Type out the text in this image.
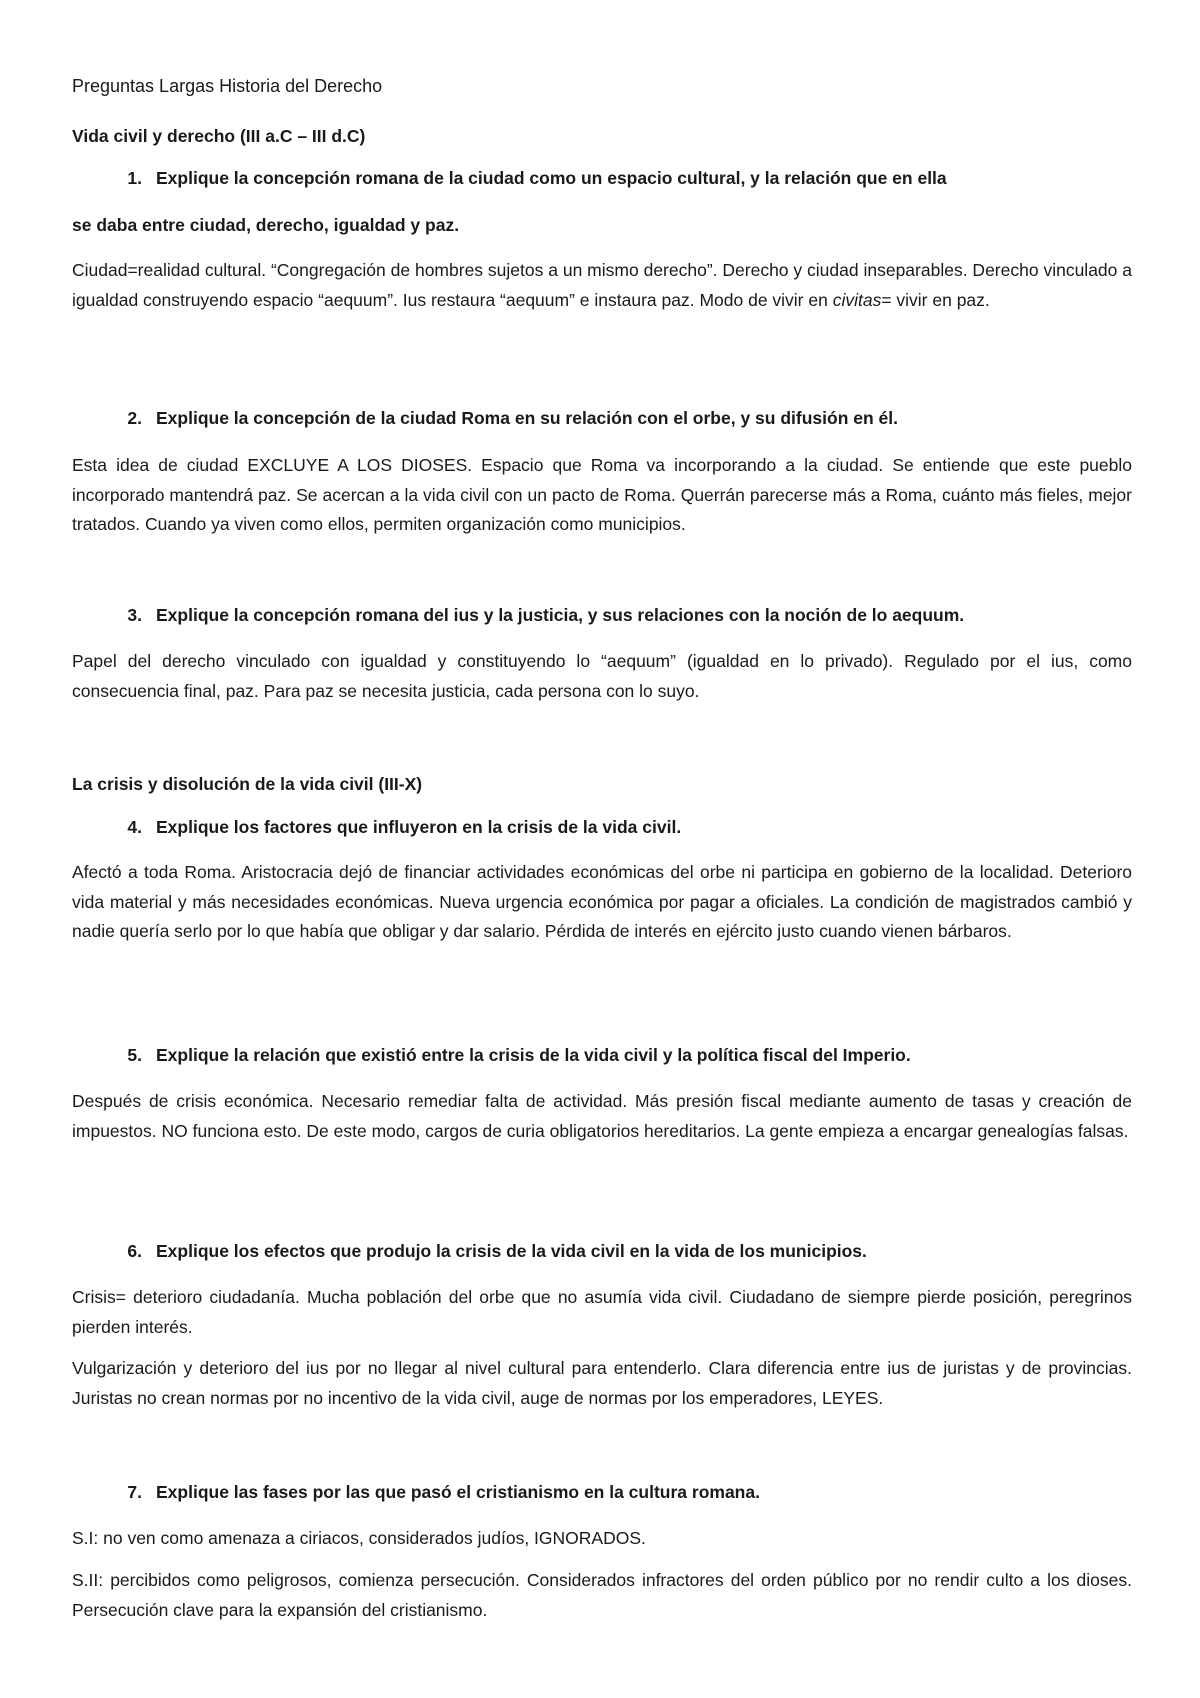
Preguntas Largas Historia del Derecho
Vida civil y derecho (III a.C – III d.C)
1. Explique la concepción romana de la ciudad como un espacio cultural, y la relación que en ella
se daba entre ciudad, derecho, igualdad y paz.

Ciudad=realidad cultural. “Congregación de hombres sujetos a un mismo derecho”. Derecho y ciudad inseparables. Derecho vinculado a igualdad construyendo espacio “aequum”. Ius restaura “aequum” e instaura paz. Modo de vivir en civitas= vivir en paz.

2. Explique la concepción de la ciudad Roma en su relación con el orbe, y su difusión en él.

Esta idea de ciudad EXCLUYE A LOS DIOSES. Espacio que Roma va incorporando a la ciudad. Se entiende que este pueblo incorporado mantendrá paz. Se acercan a la vida civil con un pacto de Roma. Querrán parecerse más a Roma, cuánto más fieles, mejor tratados. Cuando ya viven como ellos, permiten organización como municipios.

3. Explique la concepción romana del ius y la justicia, y sus relaciones con la noción de lo aequum.

Papel del derecho vinculado con igualdad y constituyendo lo “aequum” (igualdad en lo privado). Regulado por el ius, como consecuencia final, paz. Para paz se necesita justicia, cada persona con lo suyo.

La crisis y disolución de la vida civil (III-X)
4. Explique los factores que influyeron en la crisis de la vida civil.

Afectó a toda Roma. Aristocracia dejó de financiar actividades económicas del orbe ni participa en gobierno de la localidad. Deterioro vida material y más necesidades económicas. Nueva urgencia económica por pagar a oficiales. La condición de magistrados cambió y nadie quería serlo por lo que había que obligar y dar salario. Pérdida de interés en ejército justo cuando vienen bárbaros.

5. Explique la relación que existió entre la crisis de la vida civil y la política fiscal del Imperio.

Después de crisis económica. Necesario remediar falta de actividad. Más presión fiscal mediante aumento de tasas y creación de impuestos. NO funciona esto. De este modo, cargos de curia obligatorios hereditarios. La gente empieza a encargar genealogías falsas.

6. Explique los efectos que produjo la crisis de la vida civil en la vida de los municipios.

Crisis= deterioro ciudadanía. Mucha población del orbe que no asumía vida civil. Ciudadano de siempre pierde posición, peregrinos pierden interés.

Vulgarización y deterioro del ius por no llegar al nivel cultural para entenderlo. Clara diferencia entre ius de juristas y de provincias. Juristas no crean normas por no incentivo de la vida civil, auge de normas por los emperadores, LEYES.

7. Explique las fases por las que pasó el cristianismo en la cultura romana.

S.I: no ven como amenaza a ciriacos, considerados judíos, IGNORADOS.

S.II: percibidos como peligrosos, comienza persecución. Considerados infractores del orden público por no rendir culto a los dioses. Persecución clave para la expansión del cristianismo.
